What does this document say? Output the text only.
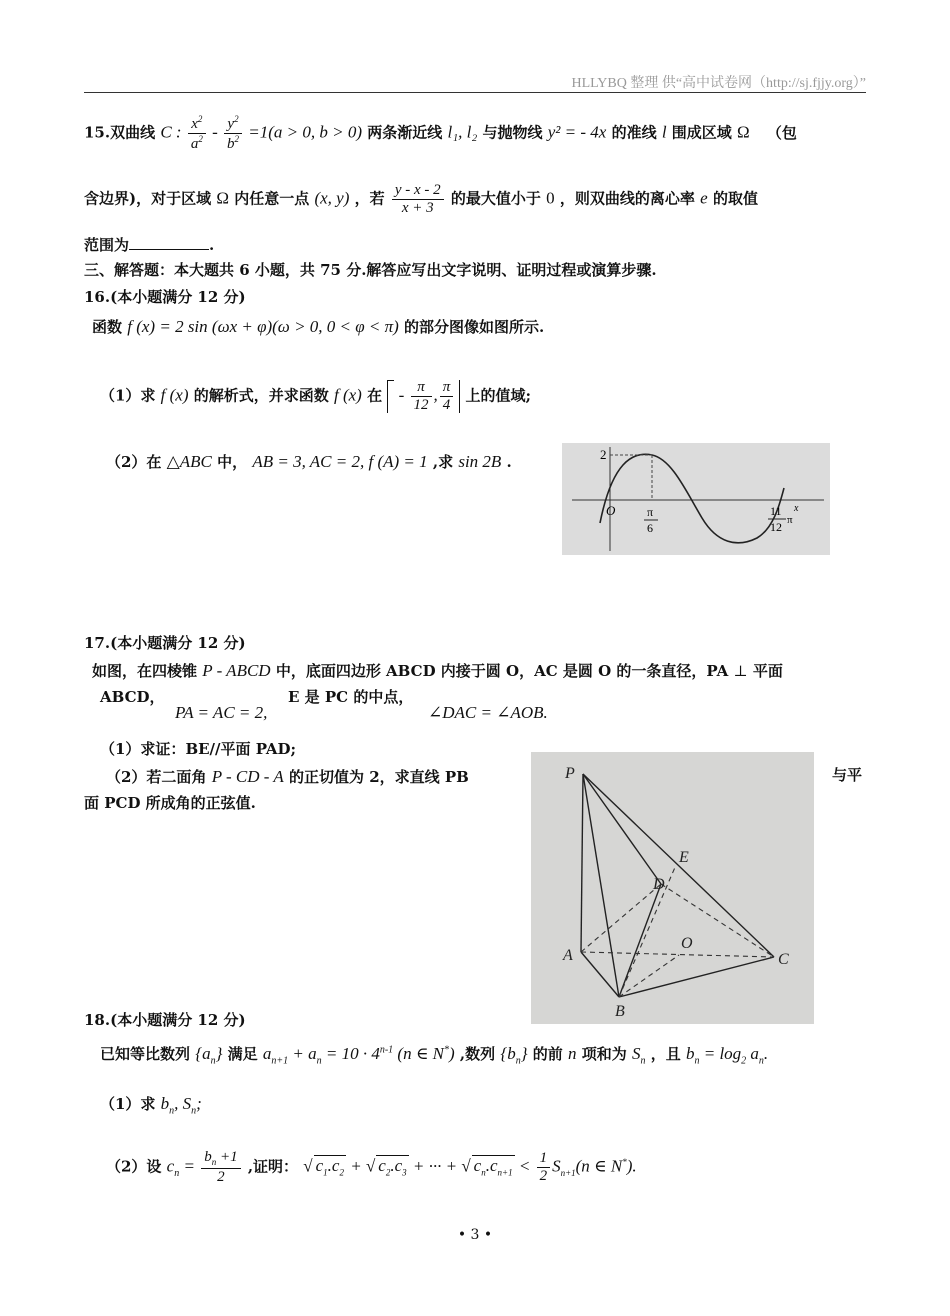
HLLYBQ 整理 供“高中试卷网（http://sj.fjjy.org）”
15.双曲线 C : $\frac{x^2}{a^2} - \frac{y^2}{b^2} =1(a > 0$, b > 0) 两条渐近线 l₁, l₂ 与抛物线 y² = - 4x 的准线 l 围成区域 Ω （包
含边界)，对于区域 Ω 内任意一点 (x, y) ，若 $\frac{y - x - 2}{x + 3}$ 的最大值小于 0 ，则双曲线的离心率 e 的取值
范围为	.
三、解答题：本大题共 6 小题，共 75 分.解答应写出文字说明、证明过程或演算步骤.
16.(本小题满分 12 分)
函数 f (x) = 2 sin (ωx + φ)(ω > 0, 0 < φ < π) 的部分图像如图所示.
（1）求 f (x) 的解析式，并求函数 f (x) 在 - $\frac{\pi}{12}$ , $\frac{\pi}{4}$ 上的值域;
（2）在 △ABC 中， AB = 3, AC = 2, f (A) = 1 ,求 sin 2B .	2
O	π
6
11
12 π
x
17.(本小题满分 12 分)
如图，在四棱锥 P - ABCD 中，底面四边形 ABCD 内接于圆 O，AC 是圆 O 的一条直径，PA ⊥ 平面
ABCD，
PA = AC = 2,
E 是 PC 的中点，
∠DAC = ∠AOB.
（1）求证：BE//平面 PAD;
（2）若二面角 P - CD - A 的正切值为 2，求直线 PB	与平
面 PCD 所成角的正弦值.
P
E
D
O
A	C
B
18.(本小题满分 12 分)
已知等比数列 $\{a_n\}$ 满足 $a_{n+1} + a_n = 10 \cdot 4^{n-1}$ (n ∈ N*) ,数列 $\{b_n\}$ 的前 n 项和为 $S_n$ ，且 $b_n = \log_2 a_n$.
（1）求 $b_n$, $S_n$;
（2）设 $c_n = \frac{b_n +1}{2}$ ,证明： √ $c_1.c_2$ + √ $c_2.c_3$ + ··· + √ $c_n.c_{n+1} < \frac{1}{2} S_{n+1}(n$ ∈ N*).
• 3 •
